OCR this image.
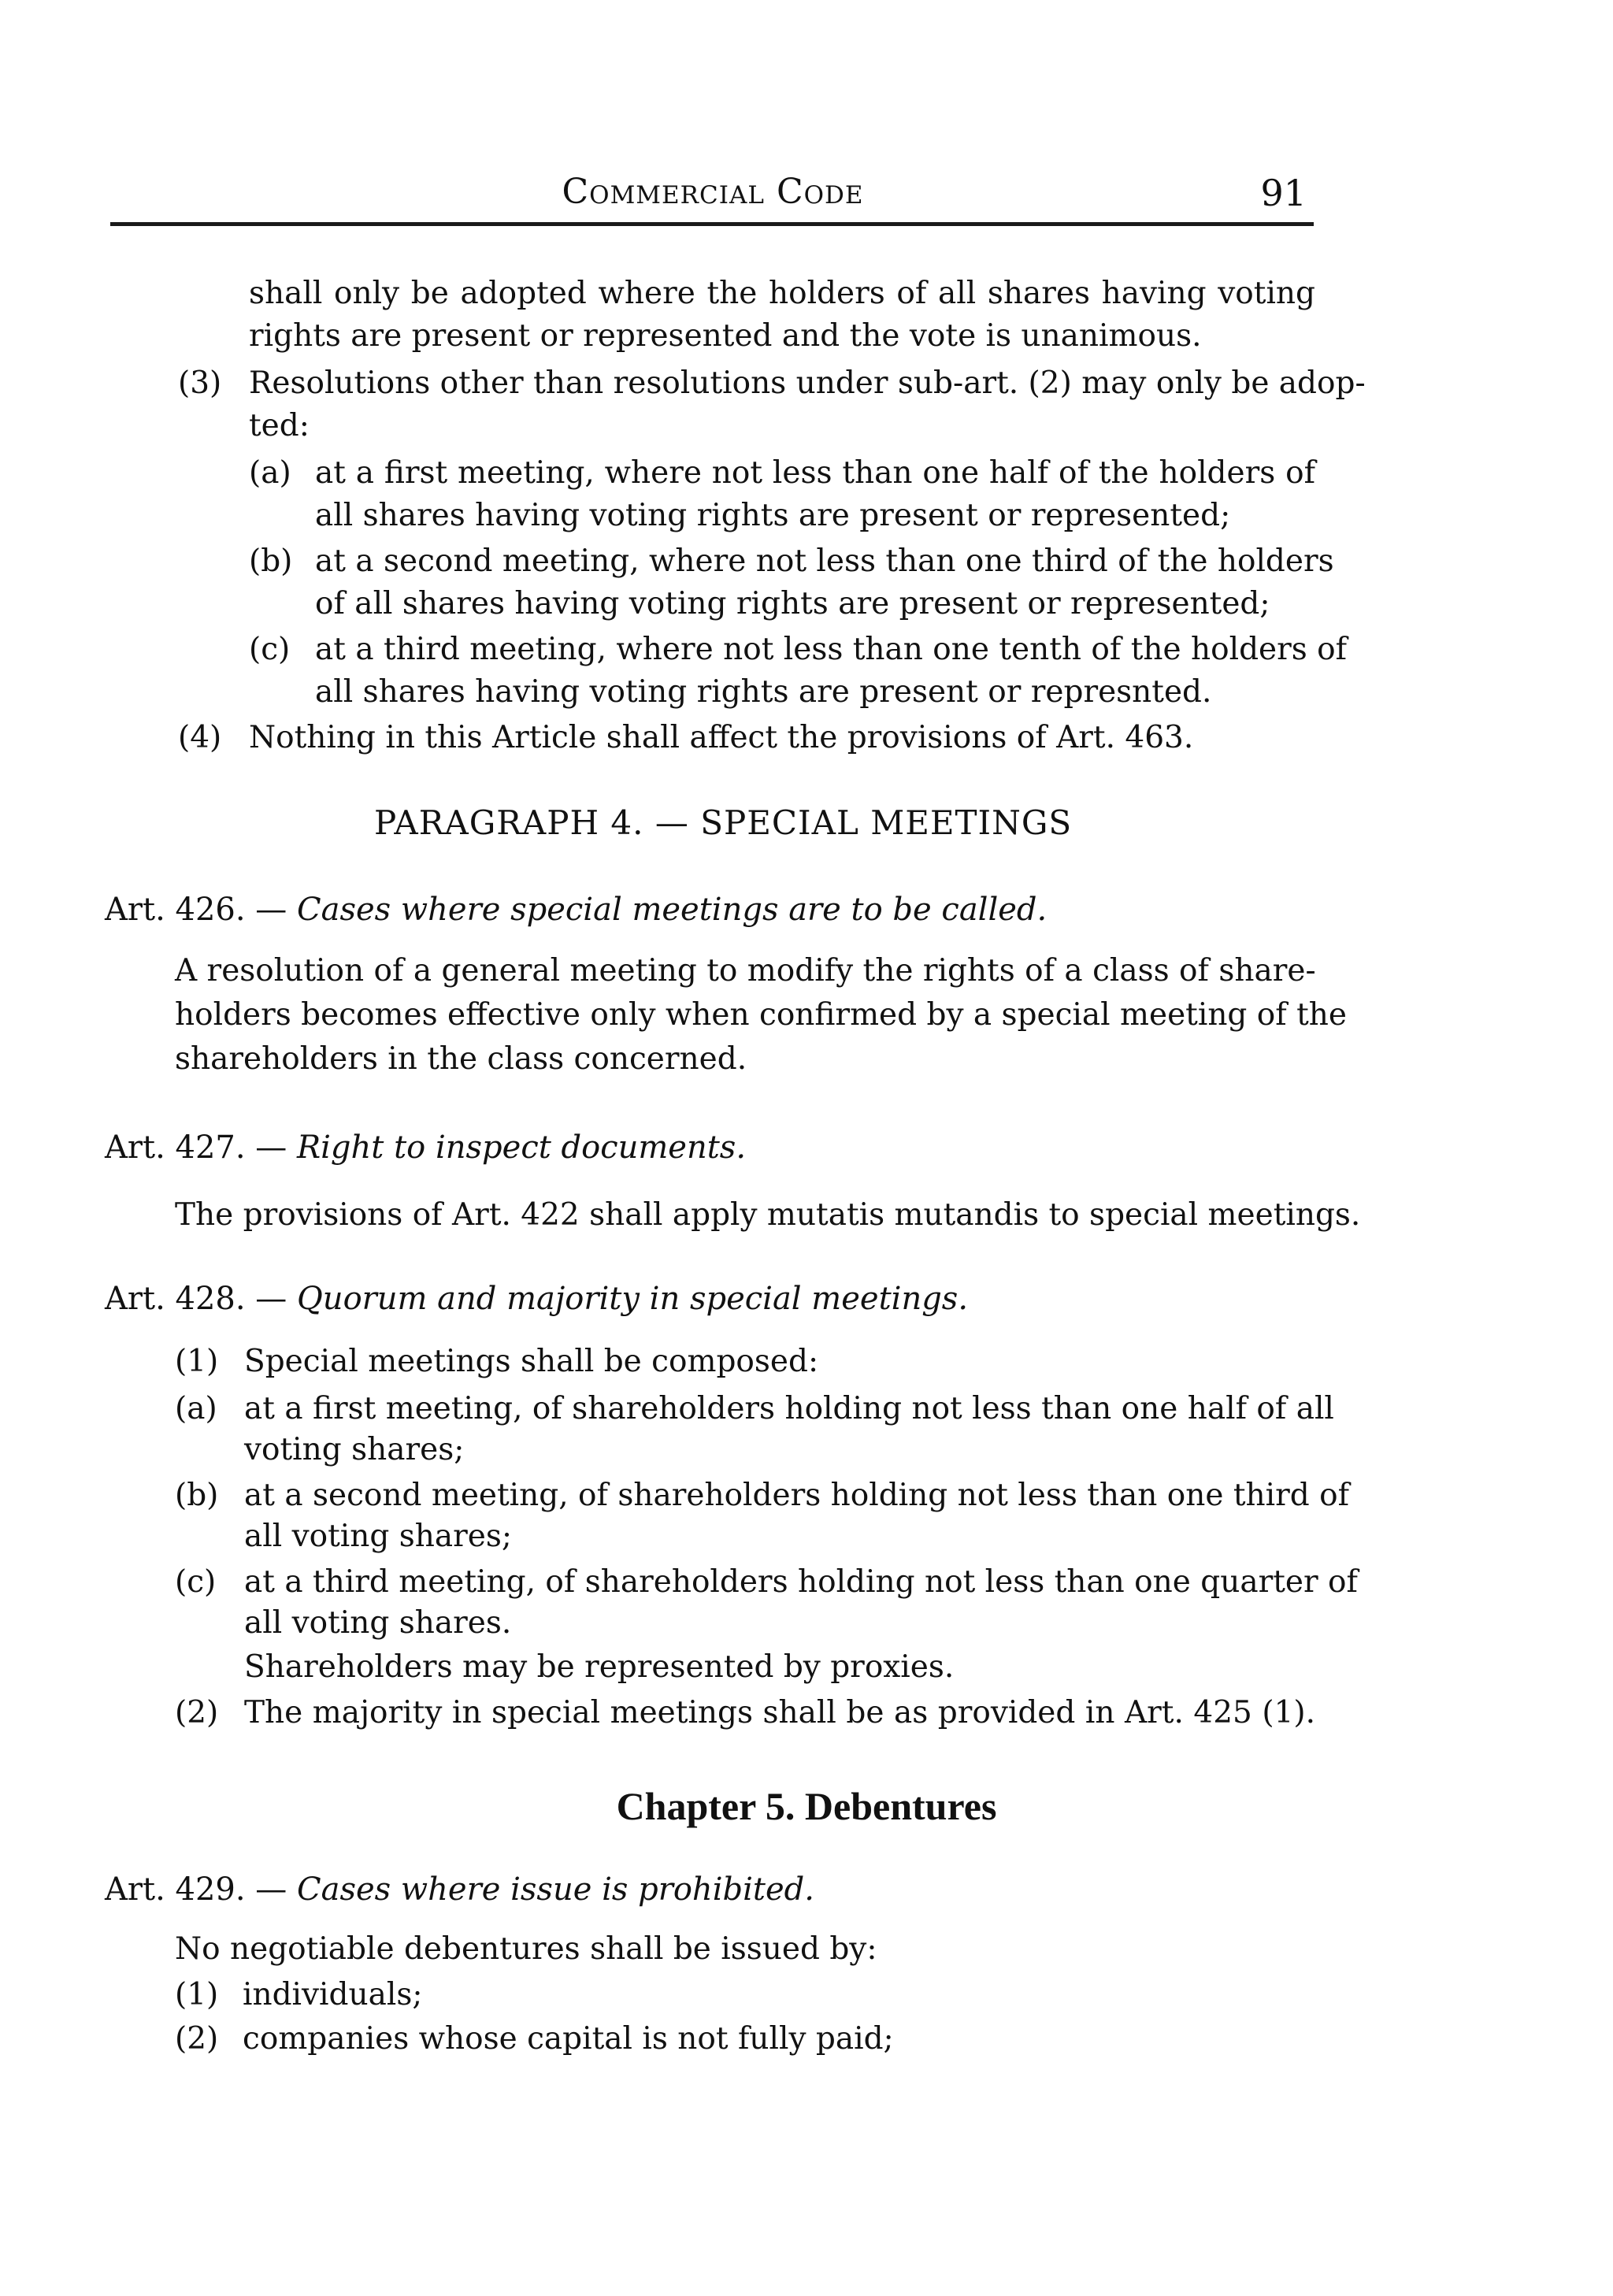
Commercial Code	91
shall only be adopted where the holders of all shares having voting
rights are present or represented and the vote is unanimous.
(3) Resolutions other than resolutions under sub-art. (2) may only be adop-
ted:
(a) at a first meeting, where not less than one half of the holders of
all shares having voting rights are present or represented;
(b) at a second meeting, where not less than one third of the holders
of all shares having voting rights are present or represented;
(c) at a third meeting, where not less than one tenth of the holders of
all shares having voting rights are present or represnted.
(4) Nothing in this Article shall affect the provisions of Art. 463.
PARAGRAPH 4. — SPECIAL MEETINGS
Art. 426. — Cases where special meetings are to be called.
A resolution of a general meeting to modify the rights of a class of share-
holders becomes effective only when confirmed by a special meeting of the
shareholders in the class concerned.
Art. 427. — Right to inspect documents.
The provisions of Art. 422 shall apply mutatis mutandis to special meetings.
Art. 428. — Quorum and majority in special meetings.
(1) Special meetings shall be composed:
(a) at a first meeting, of shareholders holding not less than one half of all
voting shares;
(b) at a second meeting, of shareholders holding not less than one third of
all voting shares;
(c) at a third meeting, of shareholders holding not less than one quarter of
all voting shares.
Shareholders may be represented by proxies.
(2) The majority in special meetings shall be as provided in Art. 425 (1).
Chapter 5. Debentures
Art. 429. — Cases where issue is prohibited.
No negotiable debentures shall be issued by:
(1) individuals;
(2) companies whose capital is not fully paid;
